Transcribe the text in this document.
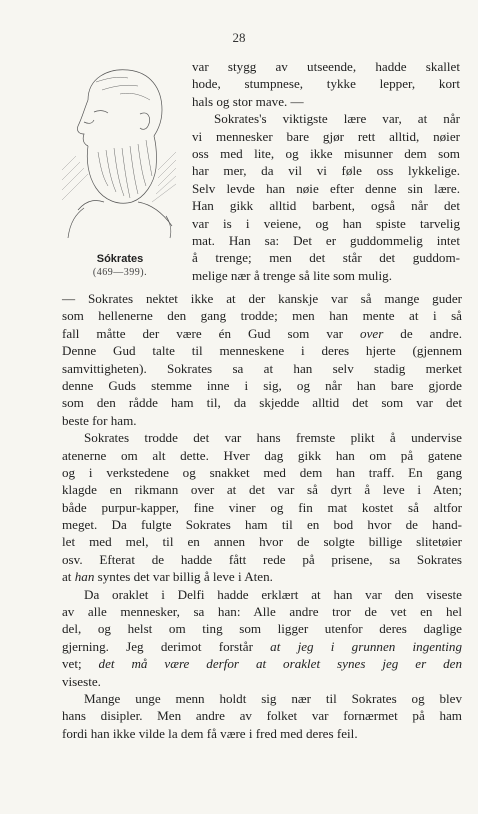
28
Sókrates
(469—399).
var stygg av utseende, hadde skallet
hode, stumpnese, tykke lepper, kort
hals og stor mave. —
Sokrates's viktigste lære var, at når
vi mennesker bare gjør rett alltid, nøier
oss med lite, og ikke misunner dem som
har mer, da vil vi føle oss lykkelige.
Selv levde han nøie efter denne sin lære.
Han gikk alltid barbent, også når det
var is i veiene, og han spiste tarvelig
mat. Han sa: Det er guddommelig intet
å trenge; men det står det guddom-
melige nær å trenge så lite som mulig.
— Sokrates nektet ikke at der kanskje var så mange guder
som hellenerne den gang trodde; men han mente at i så
fall måtte der være én Gud som var over de andre.
Denne Gud talte til menneskene i deres hjerte (gjennem
samvittigheten). Sokrates sa at han selv stadig merket
denne Guds stemme inne i sig, og når han bare gjorde
som den rådde ham til, da skjedde alltid det som var det
beste for ham.
Sokrates trodde det var hans fremste plikt å undervise
atenerne om alt dette. Hver dag gikk han om på gatene
og i verkstedene og snakket med dem han traff. En gang
klagde en rikmann over at det var så dyrt å leve i Aten;
både purpur-kapper, fine viner og fin mat kostet så altfor
meget. Da fulgte Sokrates ham til en bod hvor de hand-
let med mel, til en annen hvor de solgte billige slitetøier
osv. Efterat de hadde fått rede på prisene, sa Sokrates
at han syntes det var billig å leve i Aten.
Da oraklet i Delfi hadde erklært at han var den viseste
av alle mennesker, sa han: Alle andre tror de vet en hel
del, og helst om ting som ligger utenfor deres daglige
gjerning. Jeg derimot forstår at jeg i grunnen ingenting
vet; det må være derfor at oraklet synes jeg er den
viseste.
Mange unge menn holdt sig nær til Sokrates og blev
hans disipler. Men andre av folket var fornærmet på ham
fordi han ikke vilde la dem få være i fred med deres feil.
